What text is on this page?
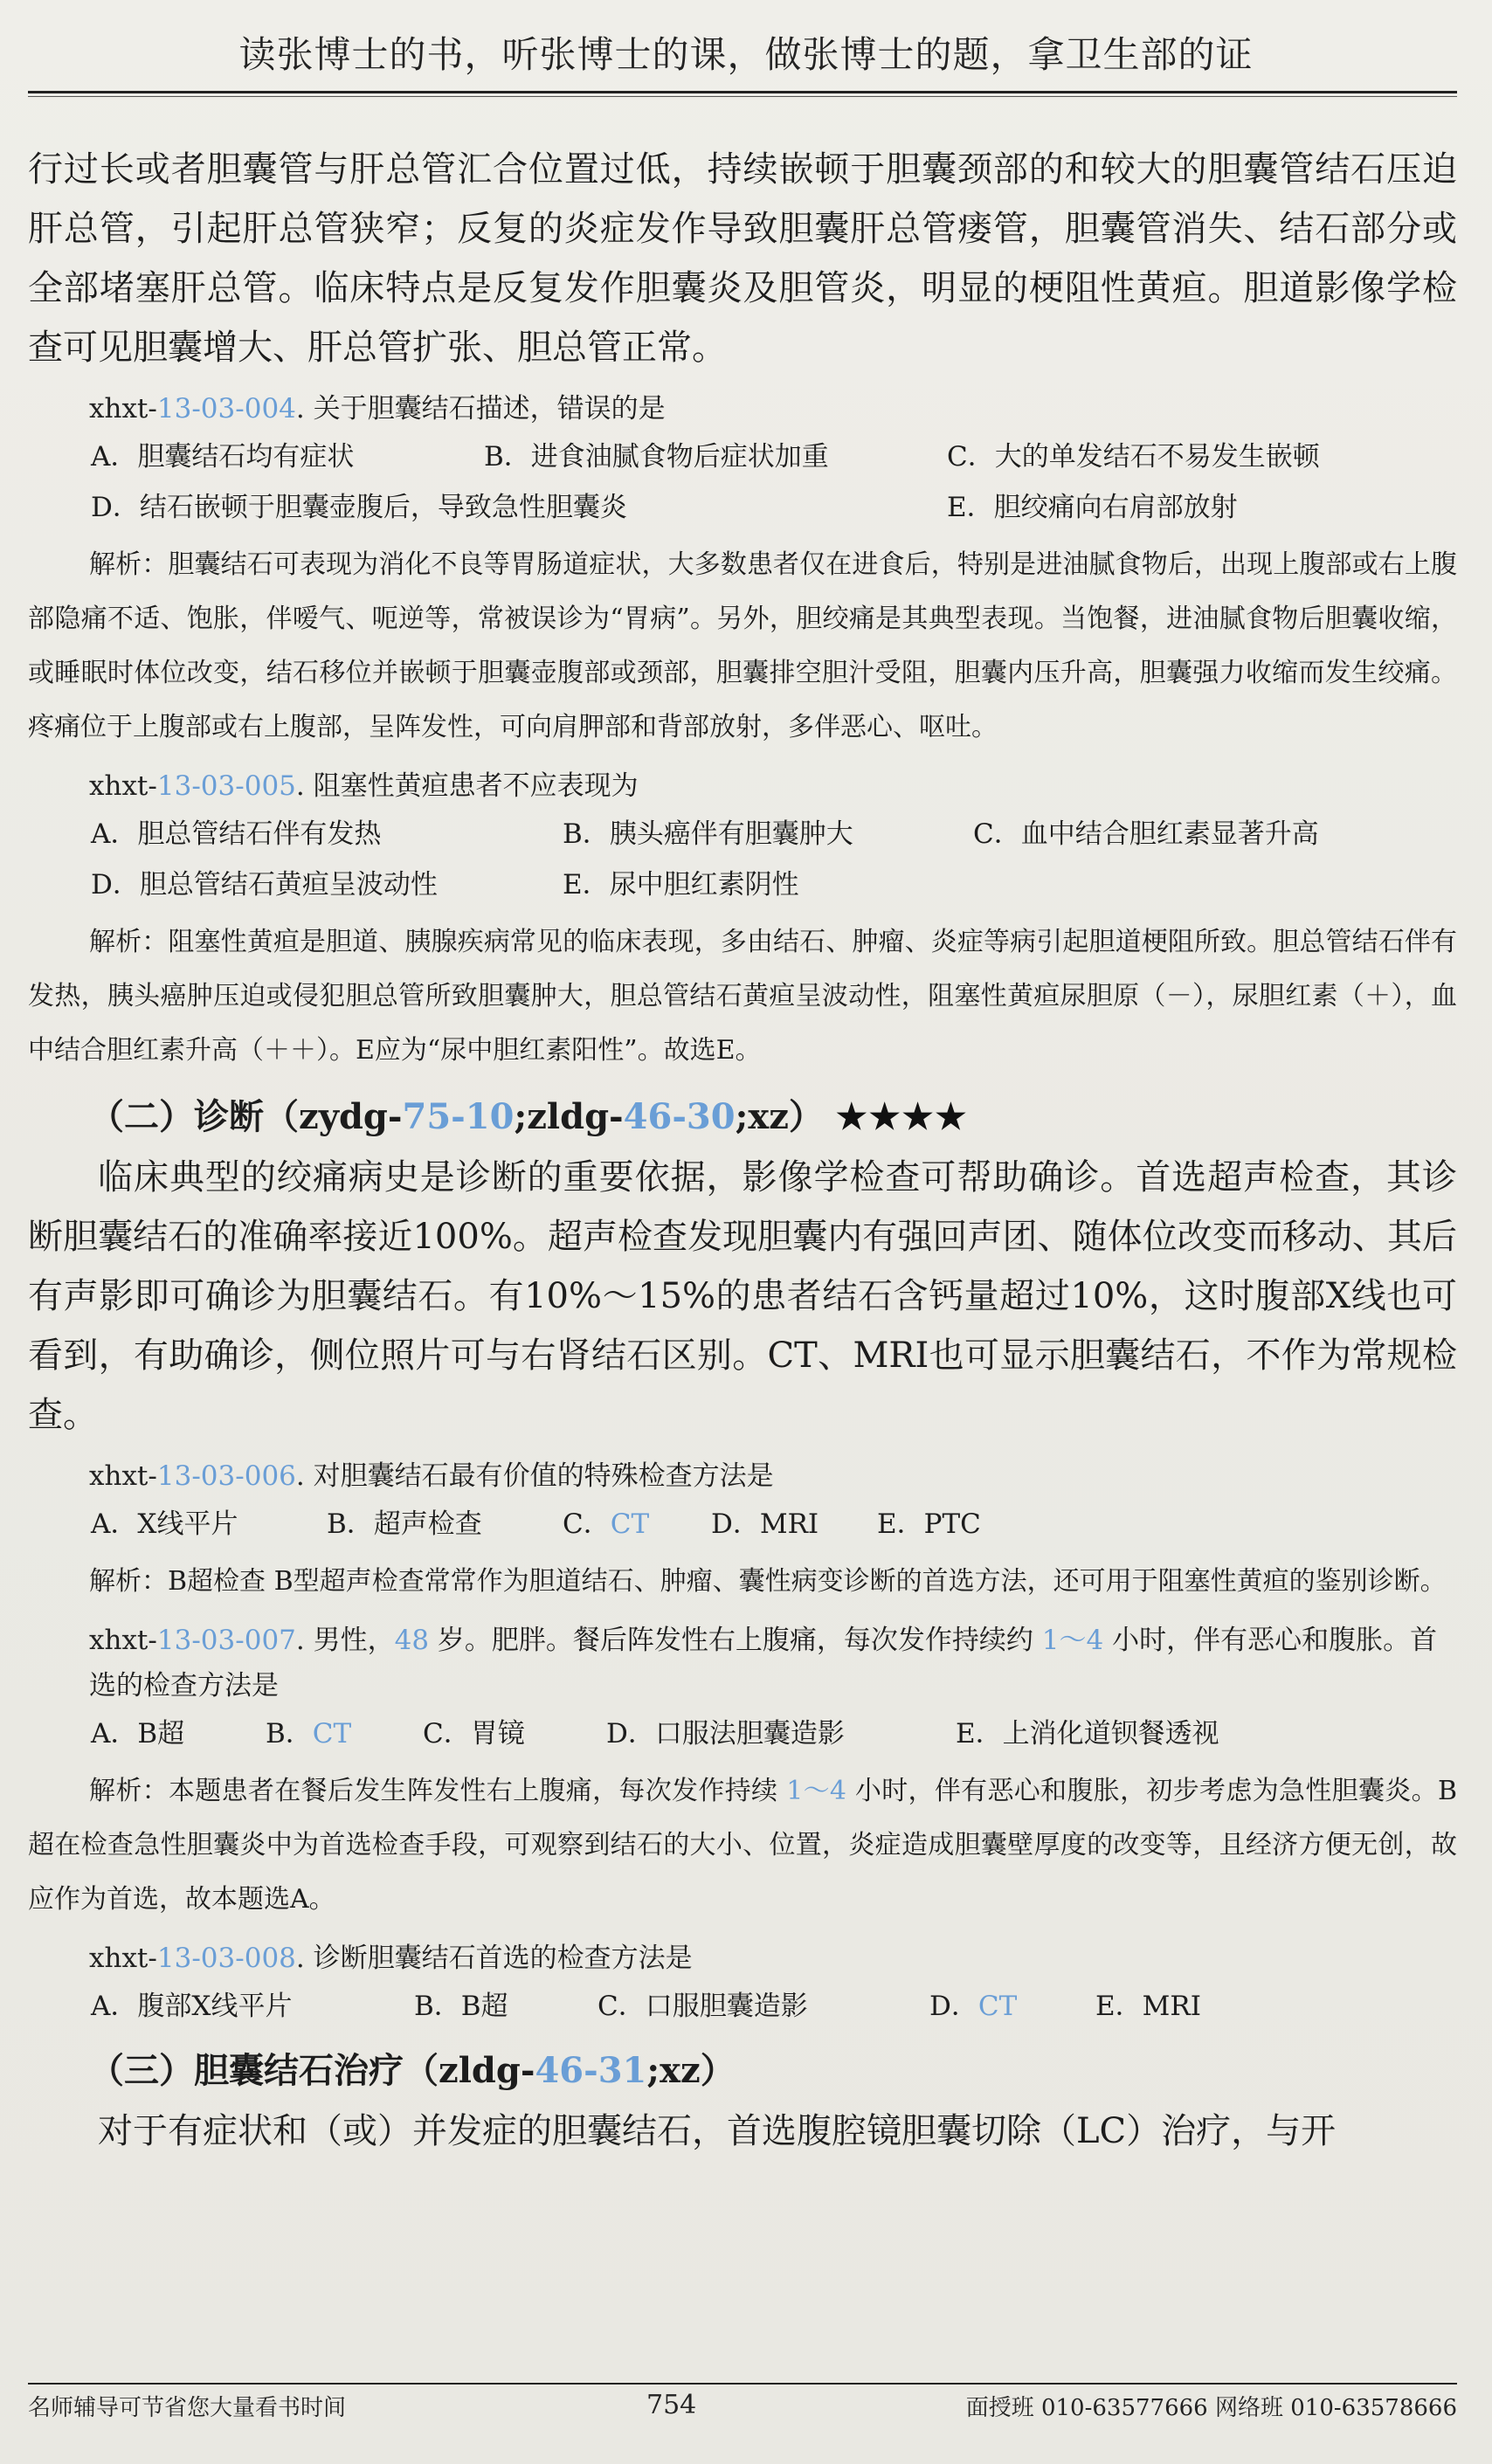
读张博士的书，听张博士的课，做张博士的题，拿卫生部的证

行过长或者胆囊管与肝总管汇合位置过低，持续嵌顿于胆囊颈部的和较大的胆囊管结石压迫肝总管，引起肝总管狭窄；反复的炎症发作导致胆囊肝总管瘘管，胆囊管消失、结石部分或全部堵塞肝总管。临床特点是反复发作胆囊炎及胆管炎，明显的梗阻性黄疸。胆道影像学检查可见胆囊增大、肝总管扩张、胆总管正常。

xhxt-13-03-004. 关于胆囊结石描述，错误的是
A．胆囊结石均有症状	B．进食油腻食物后症状加重	C．大的单发结石不易发生嵌顿
D．结石嵌顿于胆囊壶腹后，导致急性胆囊炎	E．胆绞痛向右肩部放射

解析：胆囊结石可表现为消化不良等胃肠道症状，大多数患者仅在进食后，特别是进油腻食物后，出现上腹部或右上腹部隐痛不适、饱胀，伴嗳气、呃逆等，常被误诊为“胃病”。另外，胆绞痛是其典型表现。当饱餐，进油腻食物后胆囊收缩，或睡眠时体位改变，结石移位并嵌顿于胆囊壶腹部或颈部，胆囊排空胆汁受阻，胆囊内压升高，胆囊强力收缩而发生绞痛。疼痛位于上腹部或右上腹部，呈阵发性，可向肩胛部和背部放射，多伴恶心、呕吐。

xhxt-13-03-005. 阻塞性黄疸患者不应表现为
A．胆总管结石伴有发热	B．胰头癌伴有胆囊肿大	C．血中结合胆红素显著升高
D．胆总管结石黄疸呈波动性	E．尿中胆红素阴性

解析：阻塞性黄疸是胆道、胰腺疾病常见的临床表现，多由结石、肿瘤、炎症等病引起胆道梗阻所致。胆总管结石伴有发热，胰头癌肿压迫或侵犯胆总管所致胆囊肿大，胆总管结石黄疸呈波动性，阻塞性黄疸尿胆原（－），尿胆红素（＋），血中结合胆红素升高（＋＋）。E应为“尿中胆红素阳性”。故选E。

（二）诊断（zydg-75-10;zldg-46-30;xz） ★★★★

临床典型的绞痛病史是诊断的重要依据，影像学检查可帮助确诊。首选超声检查，其诊断胆囊结石的准确率接近100%。超声检查发现胆囊内有强回声团、随体位改变而移动、其后有声影即可确诊为胆囊结石。有10%～15%的患者结石含钙量超过10%，这时腹部X线也可看到，有助确诊，侧位照片可与右肾结石区别。CT、MRI也可显示胆囊结石，不作为常规检查。

xhxt-13-03-006. 对胆囊结石最有价值的特殊检查方法是
A．X线平片	B．超声检查	C．CT	D．MRI	E．PTC

解析：B超检查 B型超声检查常常作为胆道结石、肿瘤、囊性病变诊断的首选方法，还可用于阻塞性黄疸的鉴别诊断。

xhxt-13-03-007. 男性，48 岁。肥胖。餐后阵发性右上腹痛，每次发作持续约 1～4 小时，伴有恶心和腹胀。首选的检查方法是
A．B超	B．CT	C．胃镜	D．口服法胆囊造影	E．上消化道钡餐透视

解析：本题患者在餐后发生阵发性右上腹痛，每次发作持续 1～4 小时，伴有恶心和腹胀，初步考虑为急性胆囊炎。B超在检查急性胆囊炎中为首选检查手段，可观察到结石的大小、位置，炎症造成胆囊壁厚度的改变等，且经济方便无创，故应作为首选，故本题选A。

xhxt-13-03-008. 诊断胆囊结石首选的检查方法是
A．腹部X线平片	B．B超	C．口服胆囊造影	D．CT	E．MRI
（三）胆囊结石治疗（zldg-46-31;xz）

对于有症状和（或）并发症的胆囊结石，首选腹腔镜胆囊切除（LC）治疗，与开

名师辅导可节省您大量看书时间	754	面授班 010-63577666 网络班 010-63578666
